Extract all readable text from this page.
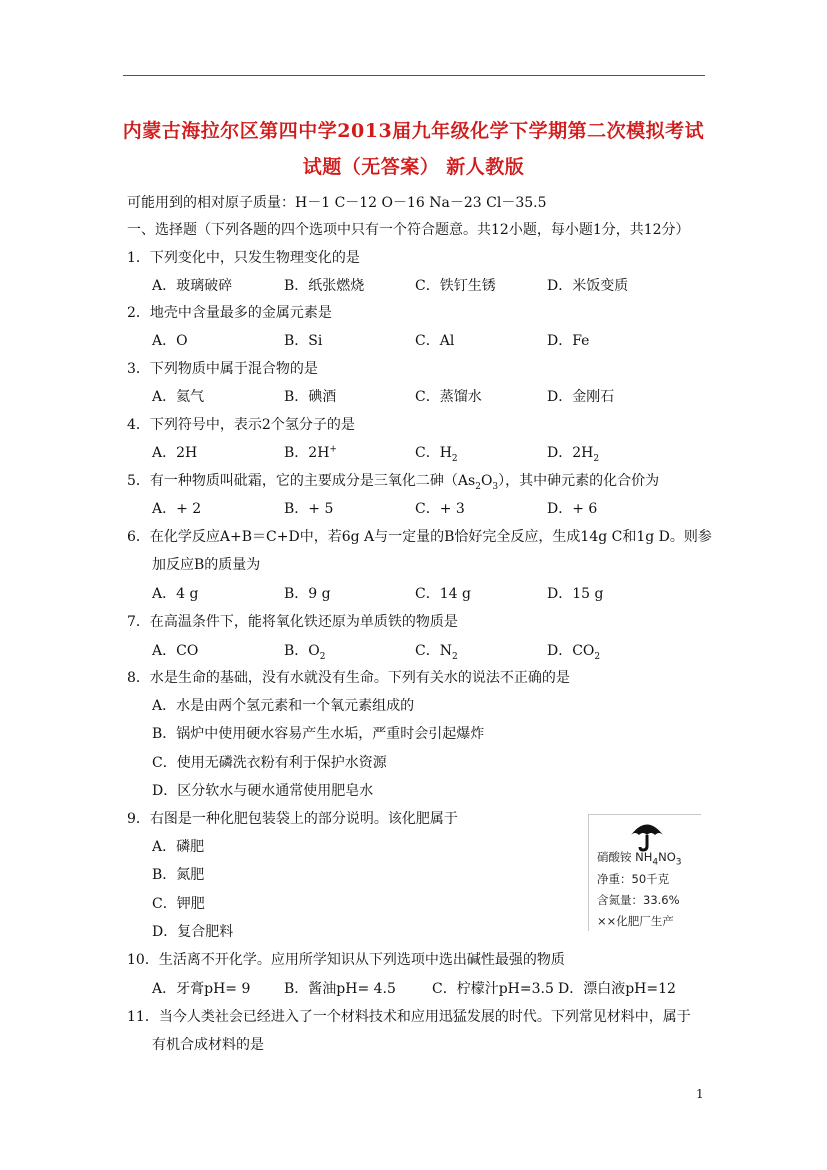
内蒙古海拉尔区第四中学2013届九年级化学下学期第二次模拟考试
试题（无答案） 新人教版
可能用到的相对原子质量：H－1 C－12 O－16 Na－23 Cl－35.5
一、选择题（下列各题的四个选项中只有一个符合题意。共12小题，每小题1分，共12分）
1．下列变化中，只发生物理变化的是
A．玻璃破碎	B．纸张燃烧	C．铁钉生锈	D．米饭变质
2．地壳中含量最多的金属元素是
A．O	B．Si	C．Al	D．Fe
3．下列物质中属于混合物的是
A．氦气	B．碘酒	C．蒸馏水	D．金刚石
4．下列符号中，表示2个氢分子的是
A．2H	B．2H+	C．$H_2$	D．$2H_2$
5．有一种物质叫砒霜，它的主要成分是三氧化二砷$(As_2O_3)$，其中砷元素的化合价为
A．+ 2	B．+ 5	C．+ 3	D．+ 6
6．在化学反应A+B＝C+D中，若6g A与一定量的B恰好完全反应，生成14g C和1g D。则参
加反应B的质量为
A．4 g	B．9 g	C．14 g	D．15 g
7．在高温条件下，能将氧化铁还原为单质铁的物质是
A．CO	B．$O_2$	C．$N_2$	D．$CO_2$
8．水是生命的基础，没有水就没有生命。下列有关水的说法不正确的是
A．水是由两个氢元素和一个氧元素组成的
B．锅炉中使用硬水容易产生水垢，严重时会引起爆炸
C．使用无磷洗衣粉有利于保护水资源
D．区分软水与硬水通常使用肥皂水
9．右图是一种化肥包装袋上的部分说明。该化肥属于
A．磷肥
B．氮肥
C．钾肥
D．复合肥料
硝酸铵 $NH_4NO_3$
净重：50千克
含氮量：33.6%
××化肥厂生产
10．生活离不开化学。应用所学知识从下列选项中选出碱性最强的物质
A．牙膏pH= 9 B．酱油pH= 4.5	C．柠檬汁pH=3.5 D．漂白液pH=12
11．当今人类社会已经进入了一个材料技术和应用迅猛发展的时代。下列常见材料中，属于
有机合成材料的是
1
